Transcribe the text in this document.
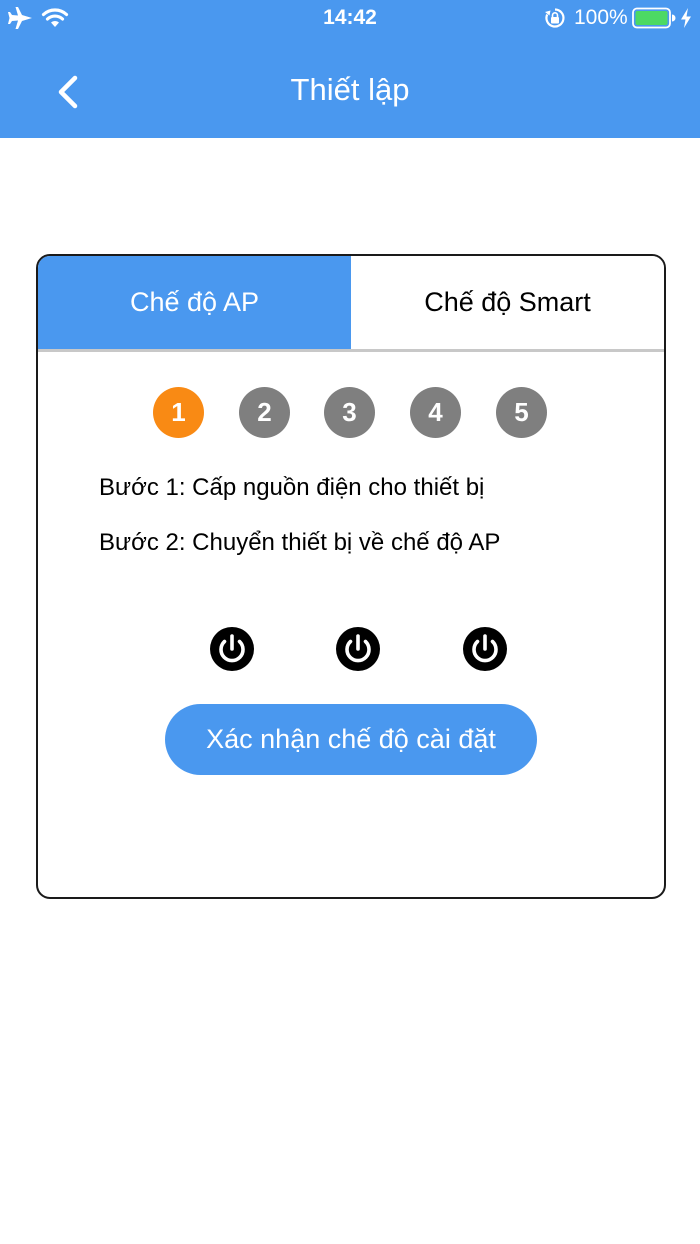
14:42	100%
Thiết lập
Chế độ AP	Chế độ Smart
1	2	3	4	5
Bước 1: Cấp nguồn điện cho thiết bị
Bước 2: Chuyển thiết bị về chế độ AP
Xác nhận chế độ cài đặt
